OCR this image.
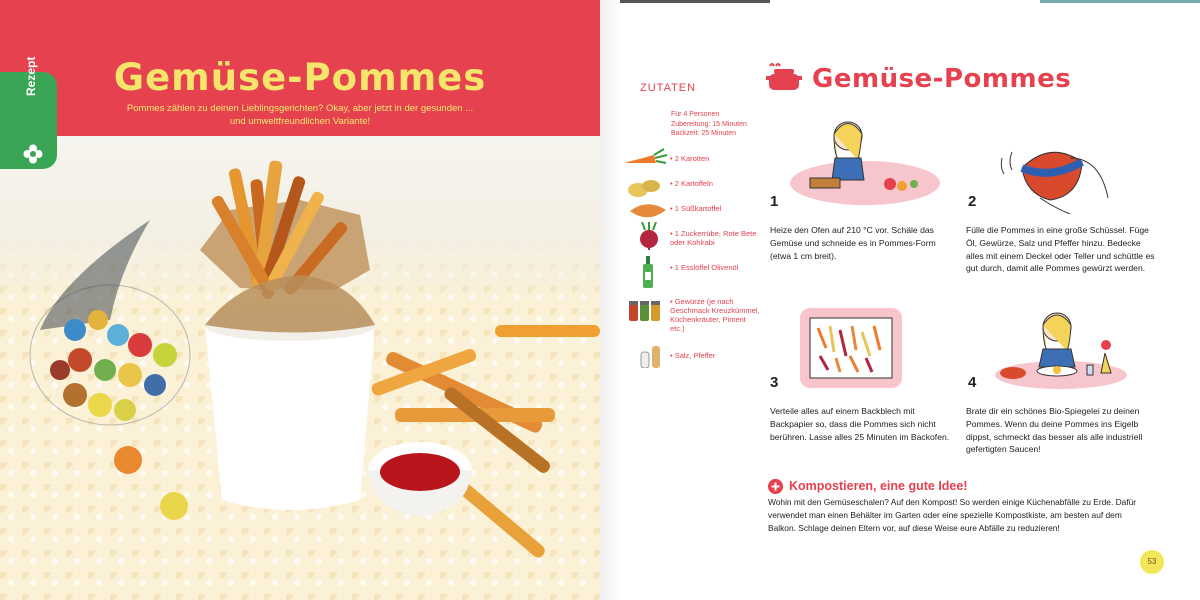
Gemüse-Pommes
Pommes zählen zu deinen Lieblingsgerichten? Okay, aber jetzt in der gesunden ...
und umweltfreundlichen Variante!
Rezept	ZUTATEN
Für 4 Personen
Zubereitung: 15 Minuten
Backzeit: 25 Minuten
• 2 Karotten
• 2 Kartoffeln
• 1 Süßkartoffel
• 1 Zuckerrübe, Rote Bete oder Kohlrabi
• 1 Esslöffel Olivenöl
• Gewürze (je nach Geschmack Kreuzkümmel, Küchenkräuter, Piment etc.)
• Salz, Pfeffer
Gemüse-Pommes
1
Heize den Ofen auf 210 °C vor. Schäle das Gemüse und schneide es in Pommes-Form (etwa 1 cm breit).
2
Fülle die Pommes in eine große Schüssel. Füge Öl, Gewürze, Salz und Pfeffer hinzu. Bedecke alles mit einem Deckel oder Teller und schüttle es gut durch, damit alle Pommes gewürzt werden.
3
Verteile alles auf einem Backblech mit Backpapier so, dass die Pommes sich nicht berühren. Lasse alles 25 Minuten im Backofen.
4
Brate dir ein schönes Bio-Spiegelei zu deinen Pommes. Wenn du deine Pommes ins Eigelb dippst, schmeckt das besser als alle industriell gefertigten Saucen!
Kompostieren, eine gute Idee!
Wohin mit den Gemüseschalen? Auf den Kompost! So werden einige Küchenabfälle zu Erde. Dafür verwendet man einen Behälter im Garten oder eine spezielle Kompostkiste, am besten auf dem Balkon. Schlage deinen Eltern vor, auf diese Weise eure Abfälle zu reduzieren!
53
